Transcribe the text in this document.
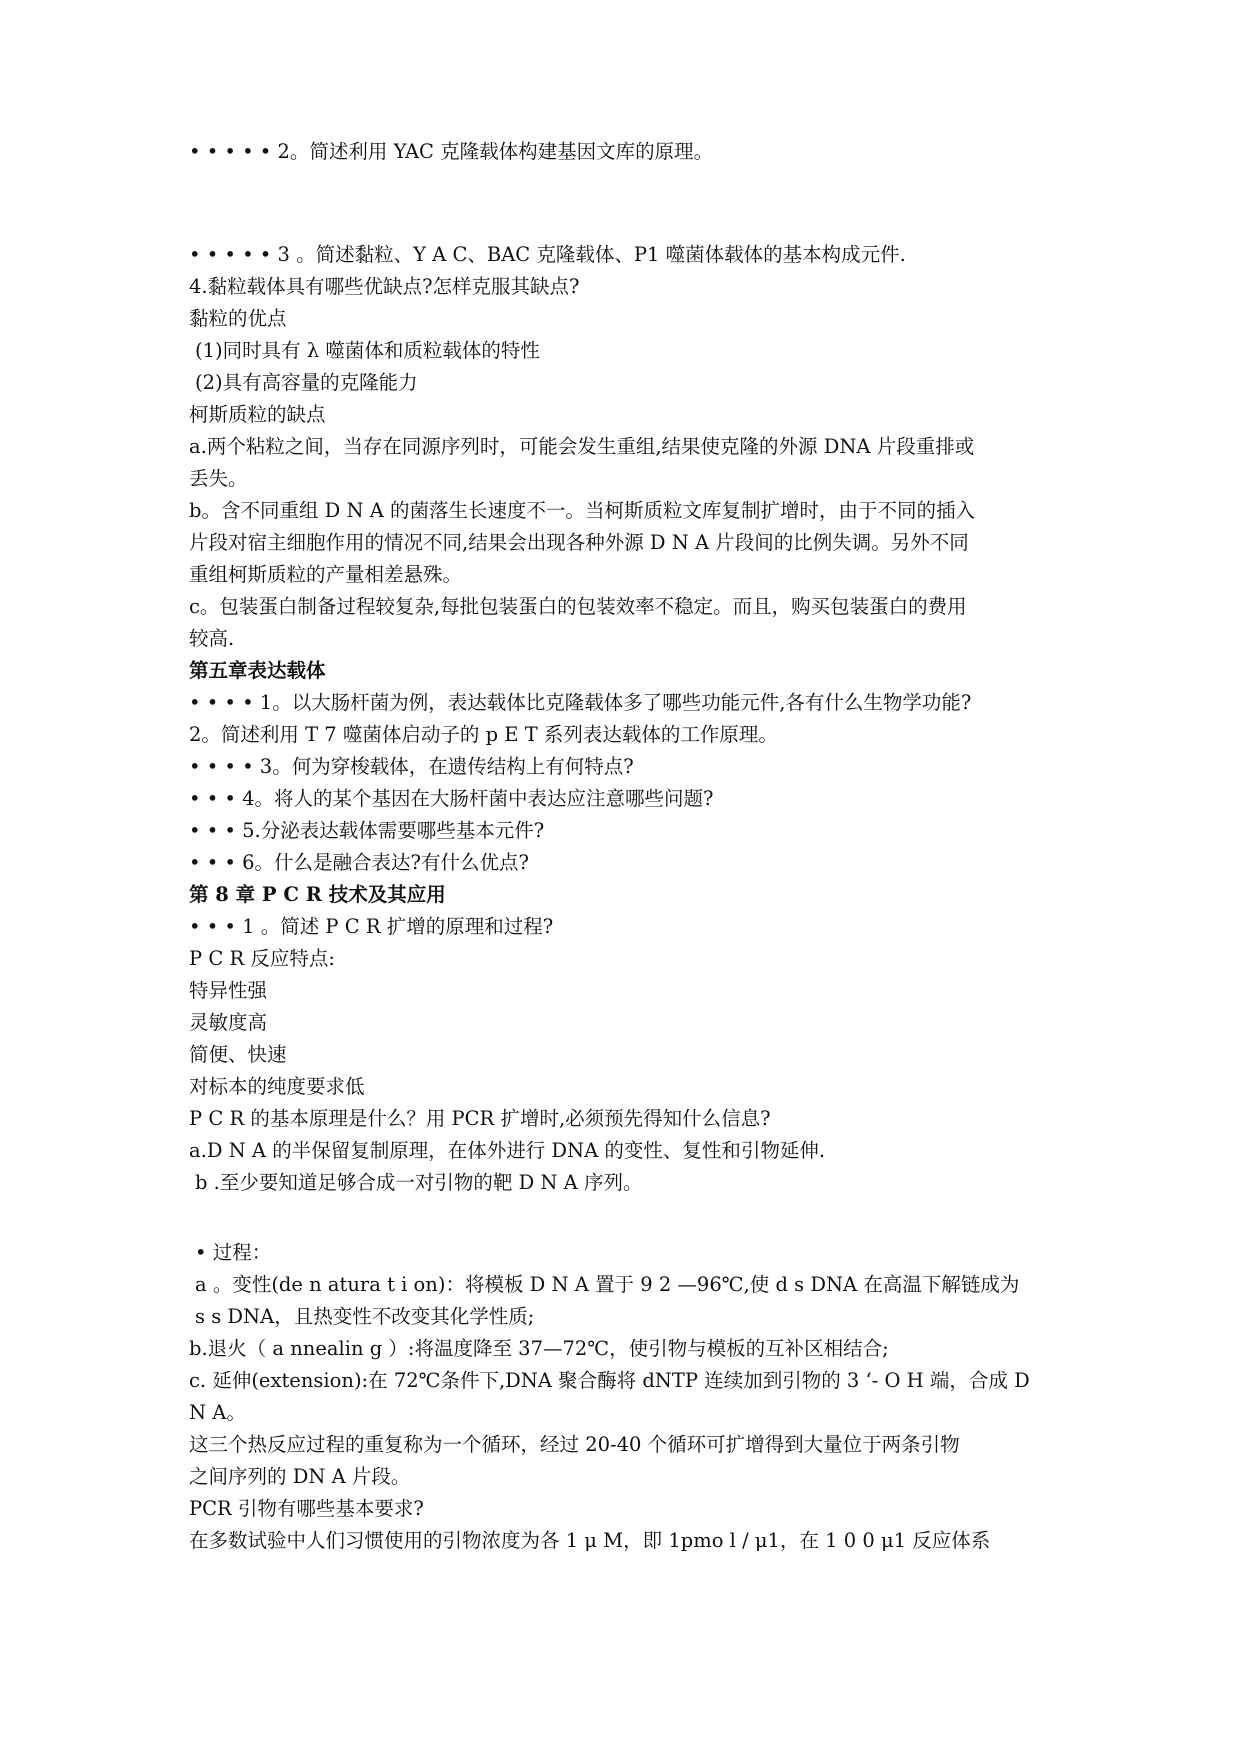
• • • • • 2。简述利用 YAC 克隆载体构建基因文库的原理。
• • • • • 3 。简述黏粒、Y A C、BAC 克隆载体、P1 噬菌体载体的基本构成元件.
4.黏粒载体具有哪些优缺点?怎样克服其缺点?
黏粒的优点
(1)同时具有 λ 噬菌体和质粒载体的特性
(2)具有高容量的克隆能力
柯斯质粒的缺点
a.两个粘粒之间，当存在同源序列时，可能会发生重组,结果使克隆的外源 DNA 片段重排或
丢失。
b。含不同重组 D N A 的菌落生长速度不一。当柯斯质粒文库复制扩增时，由于不同的插入
片段对宿主细胞作用的情况不同,结果会出现各种外源 D N A 片段间的比例失调。另外不同
重组柯斯质粒的产量相差悬殊。
c。包装蛋白制备过程较复杂,每批包装蛋白的包装效率不稳定。而且，购买包装蛋白的费用
较高.
第五章表达载体
• • • • 1。以大肠杆菌为例，表达载体比克隆载体多了哪些功能元件,各有什么生物学功能?
2。简述利用 T 7 噬菌体启动子的 p E T 系列表达载体的工作原理。
• • • • 3。何为穿梭载体，在遗传结构上有何特点?
• • • 4。将人的某个基因在大肠杆菌中表达应注意哪些问题?
• • • 5.分泌表达载体需要哪些基本元件?
• • • 6。什么是融合表达?有什么优点?
第 8 章 P C R 技术及其应用
• • • 1 。简述 P C R 扩增的原理和过程?
P C R 反应特点:
特异性强
灵敏度高
简便、快速
对标本的纯度要求低
P C R 的基本原理是什么？用 PCR 扩增时,必须预先得知什么信息?
a.D N A 的半保留复制原理，在体外进行 DNA 的变性、复性和引物延伸.
b .至少要知道足够合成一对引物的靶 D N A 序列。
• 过程：
a 。变性(de n atura t i on)：将模板 D N A 置于 9 2 —96℃,使 d s DNA 在高温下解链成为
s s DNA，且热变性不改变其化学性质;
b.退火（ a nnealin g ）:将温度降至 37—72℃，使引物与模板的互补区相结合;
c. 延伸(extension):在 72℃条件下,DNA 聚合酶将 dNTP 连续加到引物的 3 ‘- O H 端，合成 D
N A。
这三个热反应过程的重复称为一个循环，经过 20-40 个循环可扩增得到大量位于两条引物
之间序列的 DN A 片段。
PCR 引物有哪些基本要求?
在多数试验中人们习惯使用的引物浓度为各 1 μ M，即 1pmo l / μ1，在 1 0 0 μ1 反应体系
